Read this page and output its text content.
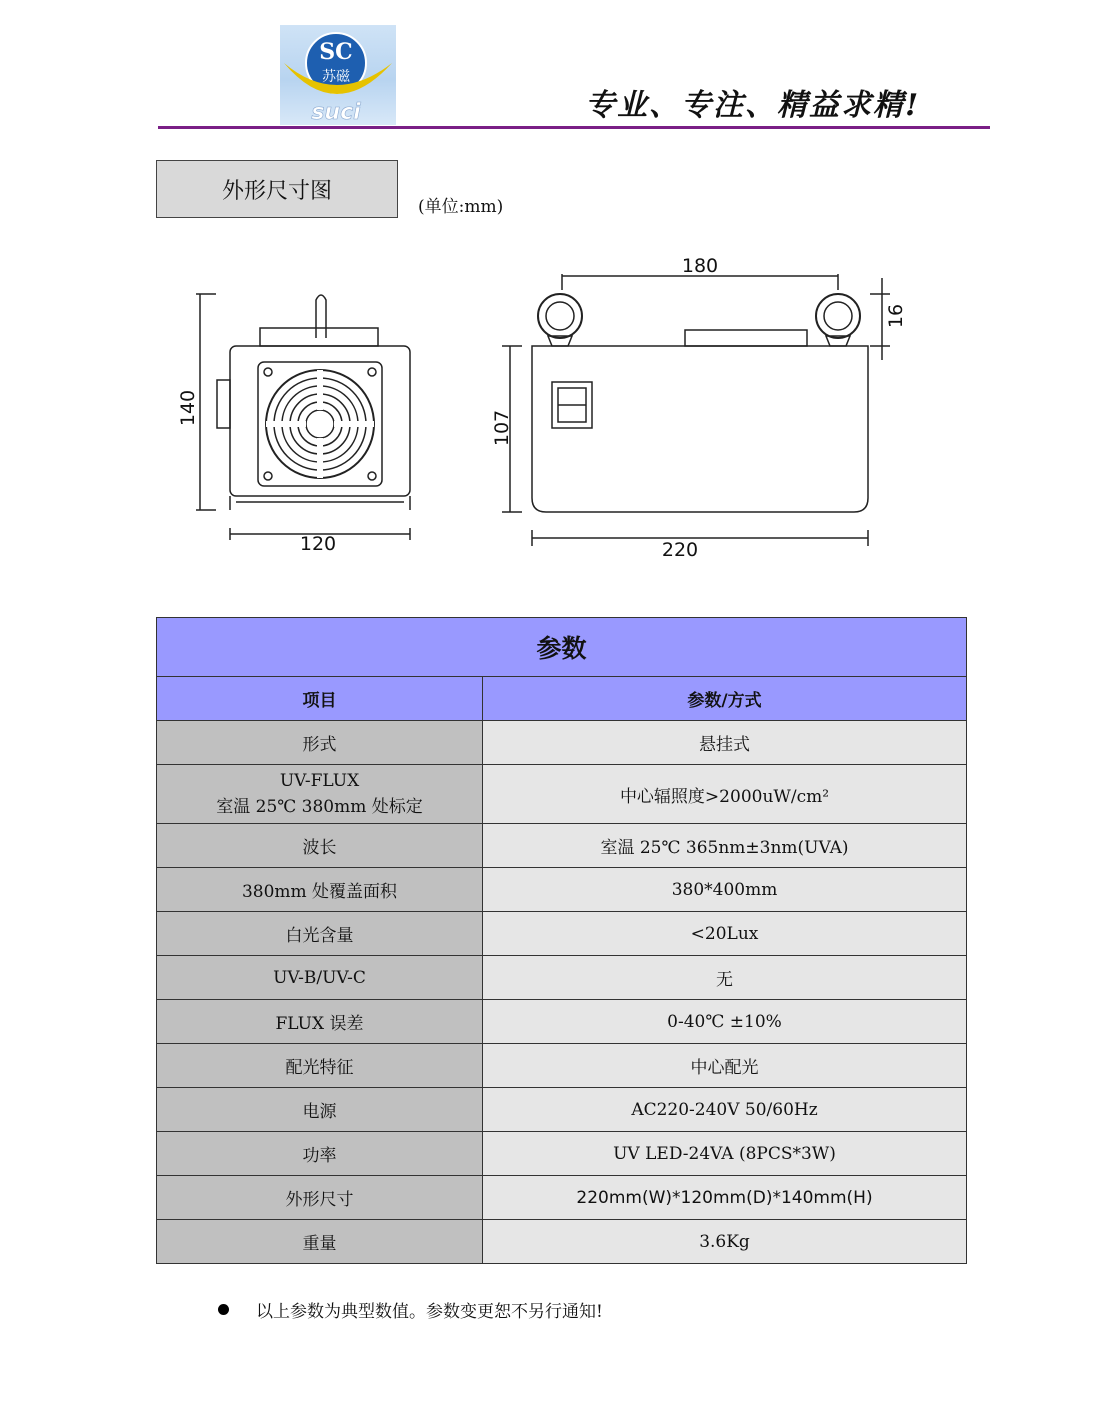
SC
苏磁
suci	专业、专注、精益求精!
外形尺寸图
(单位:mm)
140
120
180
16
107
220
参数	
项目	参数/方式
形式	悬挂式

UV-FLUX
室温 25℃ 380mm 处标定	中心辐照度>2000uW/cm²
波长	室温 25℃ 365nm±3nm(UVA)
380mm 处覆盖面积	380*400mm
白光含量	<20Lux
UV-B/UV-C	无
FLUX 误差	0-40℃ ±10%
配光特征	中心配光
电源	AC220-240V 50/60Hz
功率	UV LED-24VA (8PCS*3W)
外形尺寸	220mm(W)*120mm(D)*140mm(H)
重量	3.6Kg
以上参数为典型数值。参数变更恕不另行通知!
